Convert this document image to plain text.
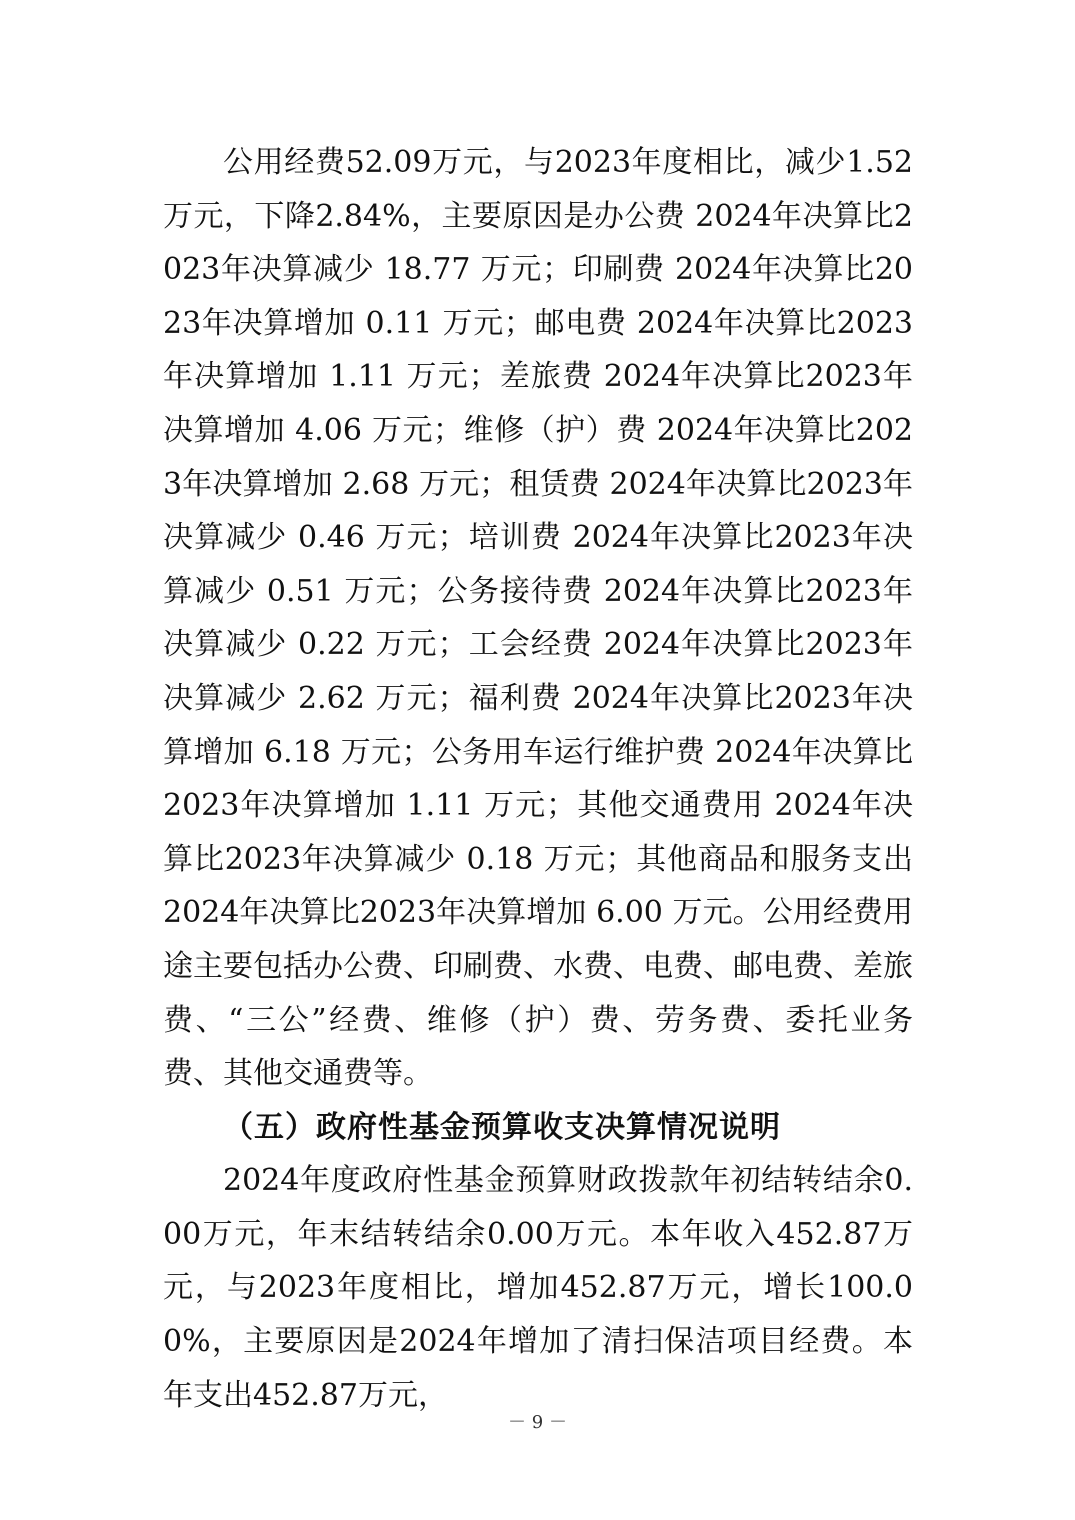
公用经费52.09万元，与2023年度相比，减少1.52万元，下降2.84%，主要原因是办公费 2024年决算比2023年决算减少 18.77 万元；印刷费 2024年决算比2023年决算增加 0.11 万元；邮电费 2024年决算比2023年决算增加 1.11 万元；差旅费 2024年决算比2023年决算增加 4.06 万元；维修（护）费 2024年决算比2023年决算增加 2.68 万元；租赁费 2024年决算比2023年决算减少 0.46 万元；培训费 2024年决算比2023年决算减少 0.51 万元；公务接待费 2024年决算比2023年决算减少 0.22 万元；工会经费 2024年决算比2023年决算减少 2.62 万元；福利费 2024年决算比2023年决算增加 6.18 万元；公务用车运行维护费 2024年决算比2023年决算增加 1.11 万元；其他交通费用 2024年决算比2023年决算减少 0.18 万元；其他商品和服务支出 2024年决算比2023年决算增加 6.00 万元。公用经费用途主要包括办公费、印刷费、水费、电费、邮电费、差旅费、“三公”经费、维修（护）费、劳务费、委托业务费、其他交通费等。

（五）政府性基金预算收支决算情况说明

2024年度政府性基金预算财政拨款年初结转结余0.00万元，年末结转结余0.00万元。本年收入452.87万元，与2023年度相比，增加452.87万元，增长100.00%，主要原因是2024年增加了清扫保洁项目经费。本年支出452.87万元，

－ 9 －
